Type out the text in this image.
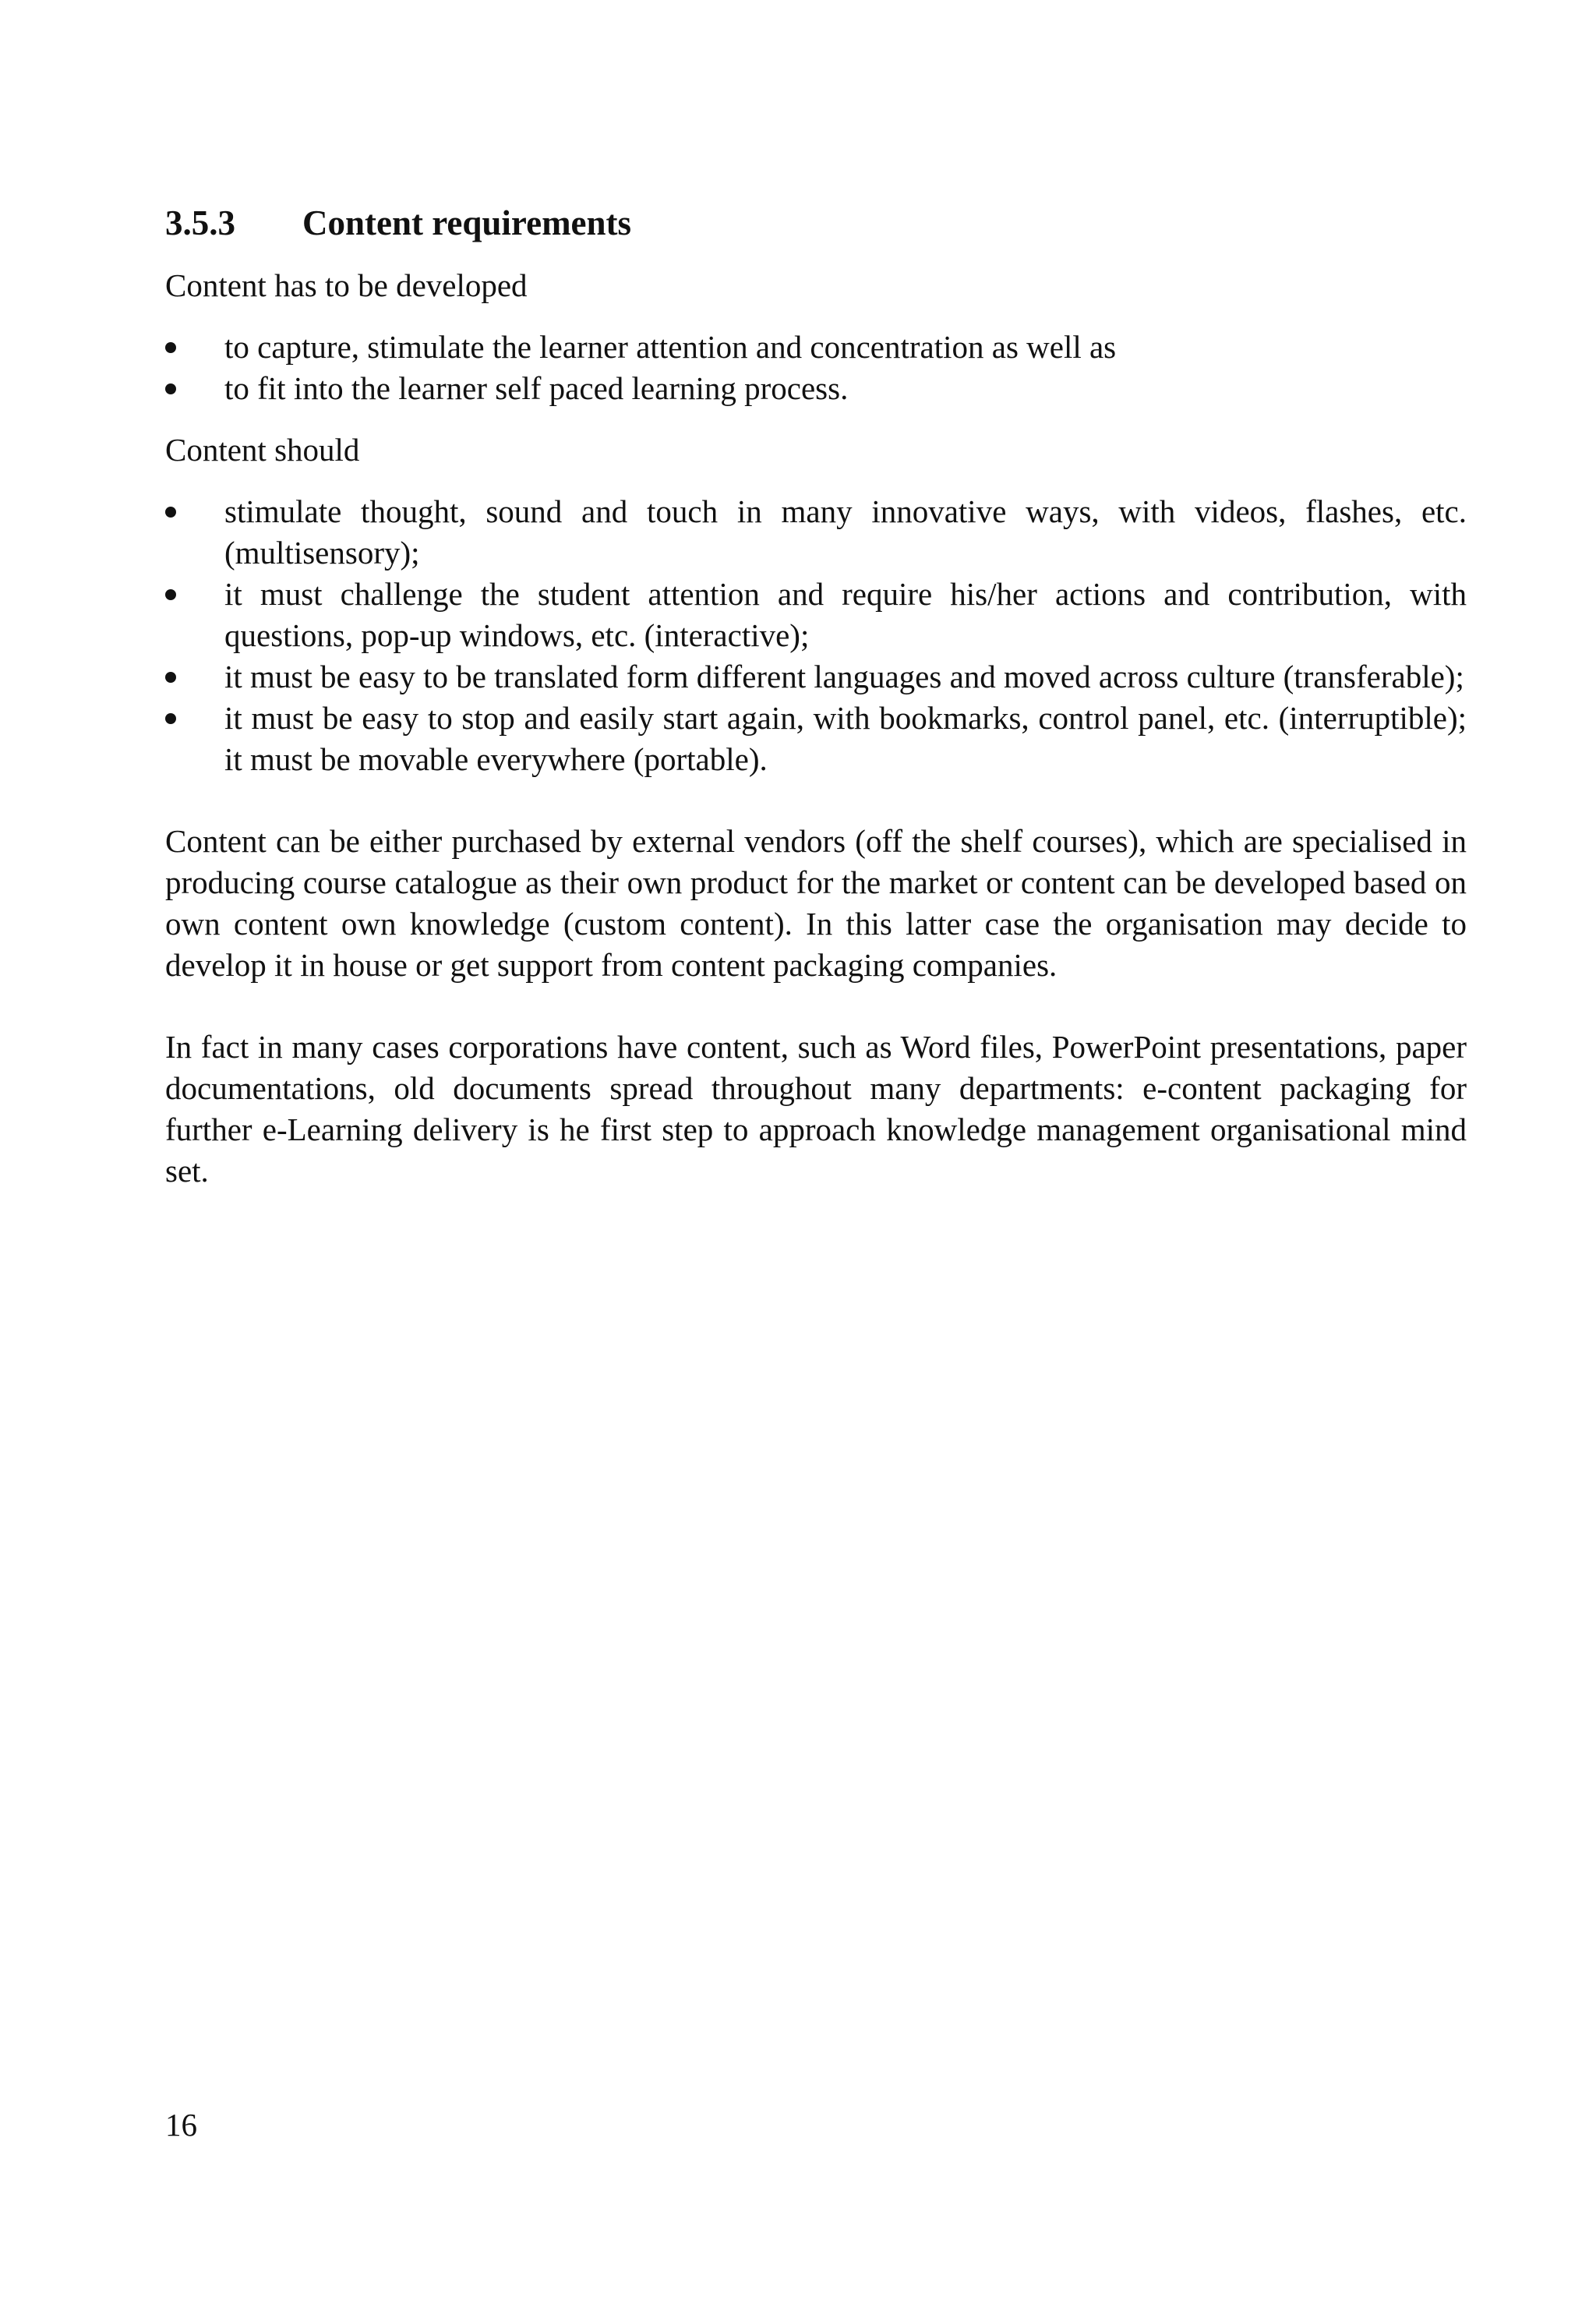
3.5.3	Content requirements

Content has to be developed

to capture, stimulate the learner attention and concentration as well as
to fit into the learner self paced learning process.

Content should

stimulate thought, sound and touch in many innovative ways, with videos, flashes, etc. (multisensory);
it must challenge the student attention and require his/her actions and contribution, with questions, pop-up windows, etc. (interactive);
it must be easy to be translated form different languages and moved across culture (transferable);
it must be easy to stop and easily start again, with bookmarks, control panel, etc. (interruptible); it must be movable everywhere (portable).

Content can be either purchased by external vendors (off the shelf courses), which are specialised in producing course catalogue as their own product for the market or content can be developed based on own content own knowledge (custom content). In this latter case the organisation may decide to develop it in house or get support from content packaging companies.

In fact in many cases corporations have content, such as Word files, PowerPoint presentations, paper documentations, old documents spread throughout many departments: e-content packaging for further e-Learning delivery is he first step to approach knowledge management organisational mind set.

16
